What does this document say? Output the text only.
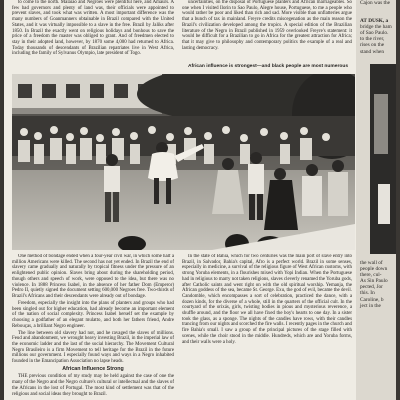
to come to the north. Malaiao and Negroes were plentiful here, and Amaurs. A few bad governors and plenty of land was, their officials were appointed to prevent slaves, and took what was written. A most important difference was the many numbers of Goanmanners obtainable in Brazil compared with the United States, and it was virtually impossible to a slave in the free. Brazil by Jaliks after 1850. In Brazil the exactly went on religious holidays and bonhous to save the price of a freedom the master was obliged to grant. And of freedmen elected to stay in their adopted land, however, by 1870 some 4,000 had returned to Africa. Today thousands of descendants of Brazilian repatriates live in West Africa, including the family of Sylvanus Olympio, late president of Togo.

uncertainties, on the disposal of Portuguese planters and African marriageables. So one when I visited Ilorin to Sao Paulo, Alegre house, Portuguese, to me a people who would rather be poor and liked than rich and sad. More visible than unflatteries argue that a bunch of tax in mainland. Freyre credits miscegenation as the main reason the Brazil's civilization developed among the tropics. A special edition of the Brazilian literature of the Negro in Brazil published in 1959 overlooked Freyre's statement: it would be difficult for a Brazilian to go in Africa for the greatest attraction for Africa; that it may give to philosophy and contemporary politics the example of a real and lasting democracy.

African influence is strongest—and black people are most numerous

One method of bondage ended when a four-year civil war, in which some half a million Americans were killed. The second has not yet ended. In Brazil the end of slavery came gradually and naturally by tropical fitness under the pressure of an enlightened public opinion. Slaves bring about during the shareholding period, though others and speech of work, were opposed to the idea, but there was no violence. In 1888 Princess Isabel, in the absence of her father Dom (Emperor) Pedro II, quietly signed the document setting 600,000 Negroes free. Two-thirds of Brazil's Africans and their descendants were already out of bondage.

Freedom, especially the insight into the plans of planters and groups who had been singled out for higher education, had already become an important element of the nation of social complexity. Princess Isabel herself set the example by choosing a godfather of an elegant mulatto, and both her fathers friend, Andre Rebouças, a brilliant Negro engineer.

The line between old slavery had not, and he ravaged the slaves of millions. Feud and abandonment, we wrought heavy investing Brazil, in the imperial law of the economic ladder and the last of the social hierarchy. The Movement Cultural Negro Brasileiro is a firm Movement to tell heritage for the Brazil in the future millions our government. I especially found ways and ways in a Negro inhabited founded in the Emancipation Association no lapse heads.

African Influence Strong

THE previous condition of my study may be held against the case of one the many of the Negro and the Negro culture's cultural or intellectual and the slaves of the Africans in the lost of Portugal. The most kind of settlement was that of the religious and social ideas they brought to Brazil.

In the state of Bahia, which for two centuries was the main port of slave entry into Brazil, in Salvador, Bahia's capital, Afro is a perfect world. Brazil in some senses, especially in medicine, a survival of the religious figure of West African customs, with strong Yoruba elements, in a flourishes mixed with Yopi Indian. When the Portuguese had in religious to marry not taken religions, slaves cleverly renamed the Yoruba gods, after Catholic saints and went right on with the old spiritual worship. Yemanja, the African goddess of the sea, became St. George. Exu, the god of evil, became the devil. Candomble, which encompasses a sort of celebration, practiced the dance, with a dozen kinds, for the diverse of a whole, still in the quarters of the official cult. In the courtyard of the orixás, girls, twisting bodies in pious and mysterious reverence, a shuffle around, and the floor we all have fixed the boy's hearts to one day. In a sister took the glass, as a sponge. The nights of the candles have rows, with their candles trancing from our nights and scorched the fire walls. I recently pages in the church and fire Bahia's small. I saw a group of the principal pictures of the stage filled with scenes, while the choir stood in the middle. Hundreds, which are and Yoruba forms, and their walls were a holy.

Cajon was the
AT DUSK, a
bridge the ham
of Sao Paulo.
to the river,
rises on the
stand when
the wall of
people down
there, cul-
As Sin Paulo
pected, Jor
this. In
Caroline, b
ject in the
